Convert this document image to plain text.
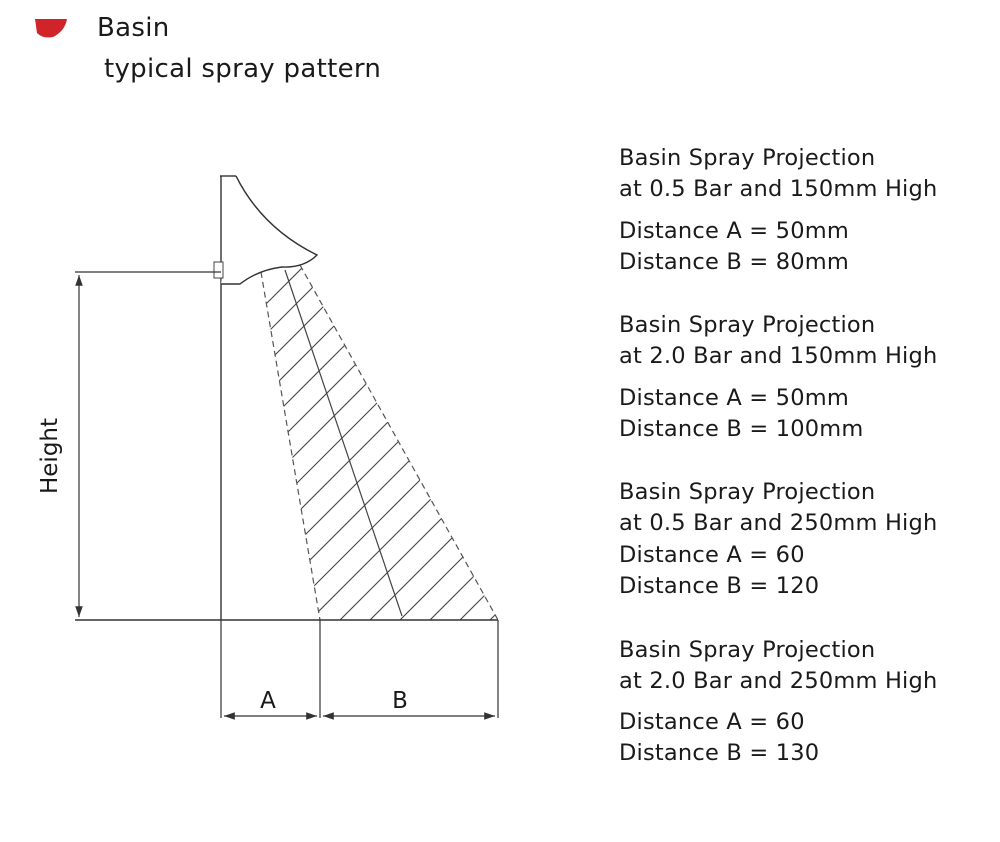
Basin
typical spray pattern
Height
A	B
Basin Spray Projection
at 0.5 Bar and 150mm High
Distance A = 50mm
Distance B = 80mm
Basin Spray Projection
at 2.0 Bar and 150mm High
Distance A = 50mm
Distance B = 100mm
Basin Spray Projection
at 0.5 Bar and 250mm High
Distance A = 60
Distance B = 120
Basin Spray Projection
at 2.0 Bar and 250mm High
Distance A = 60
Distance B = 130
